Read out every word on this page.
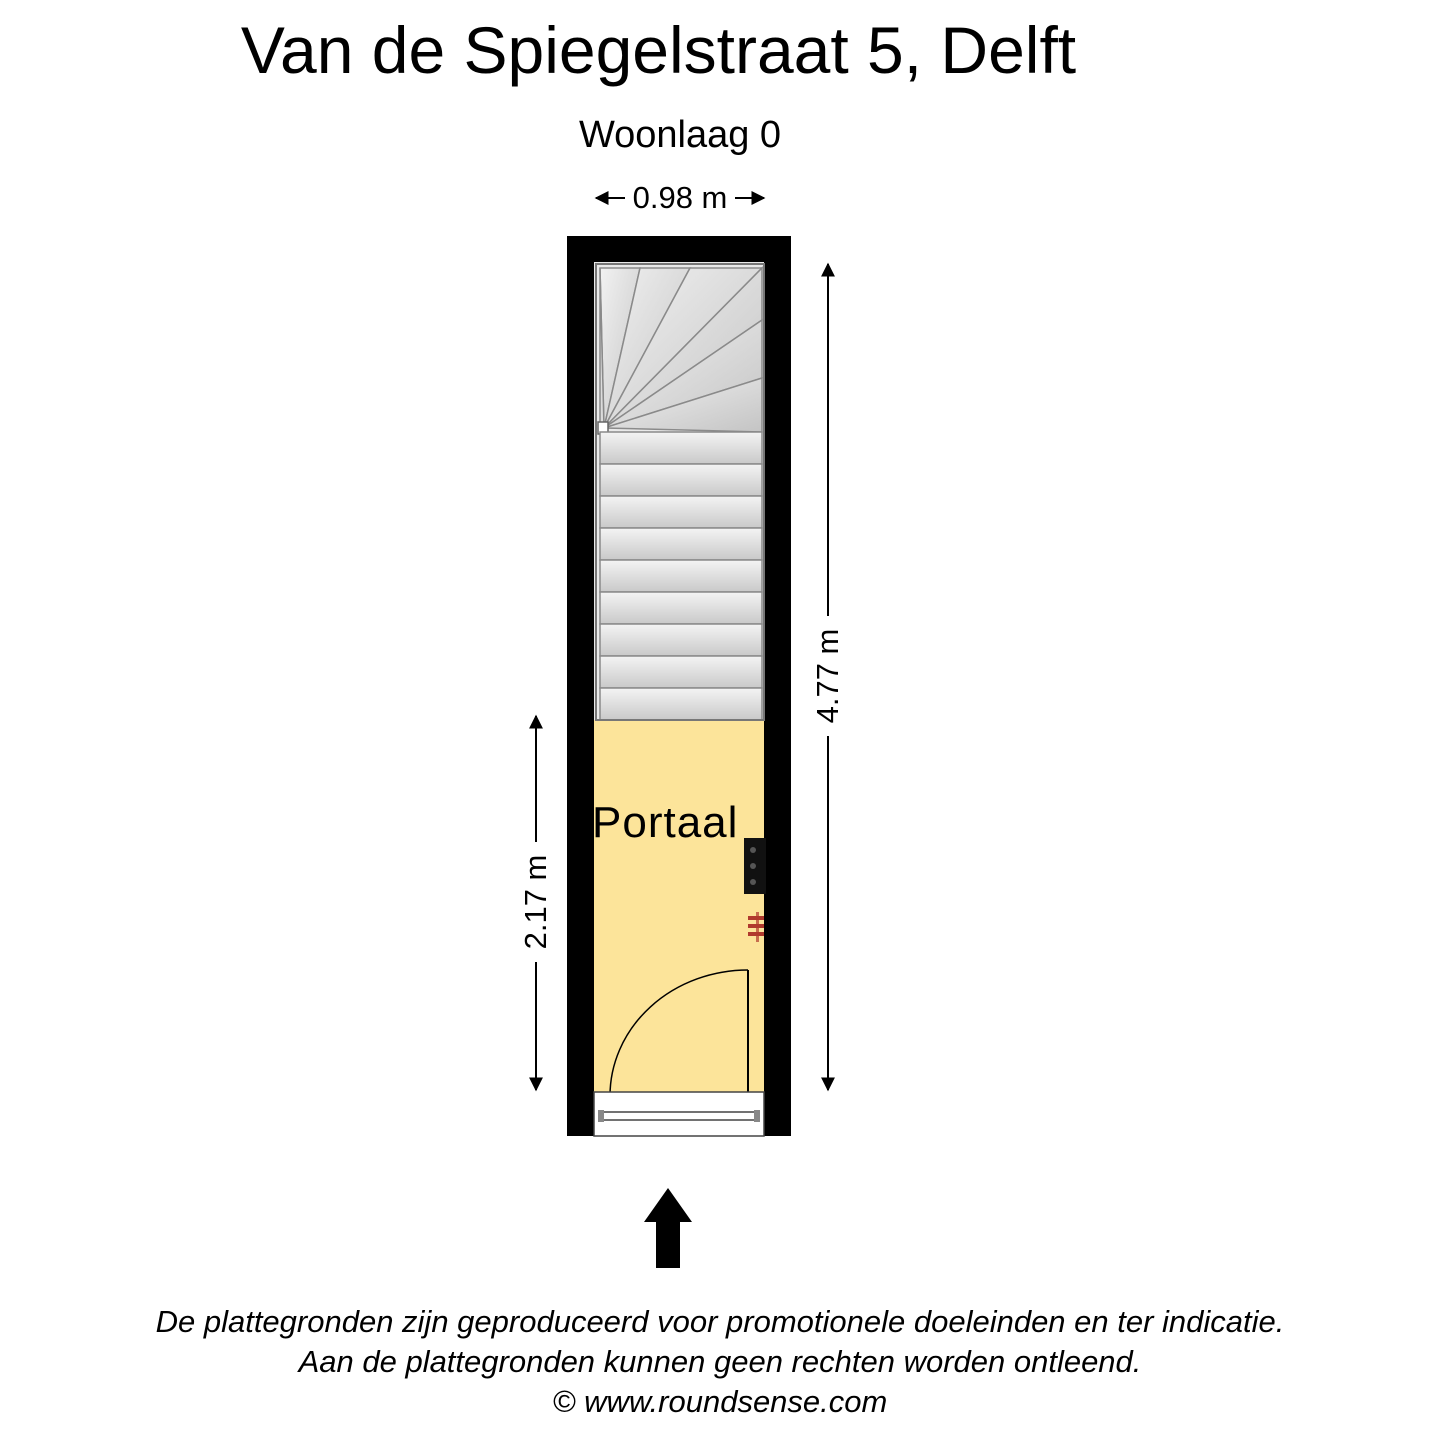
Van de Spiegelstraat 5, Delft
Woonlaag 0
0.98 m
4.77 m
2.17 m
Portaal
De plattegronden zijn geproduceerd voor promotionele doeleinden en ter indicatie.
Aan de plattegronden kunnen geen rechten worden ontleend.
© www.roundsense.com
